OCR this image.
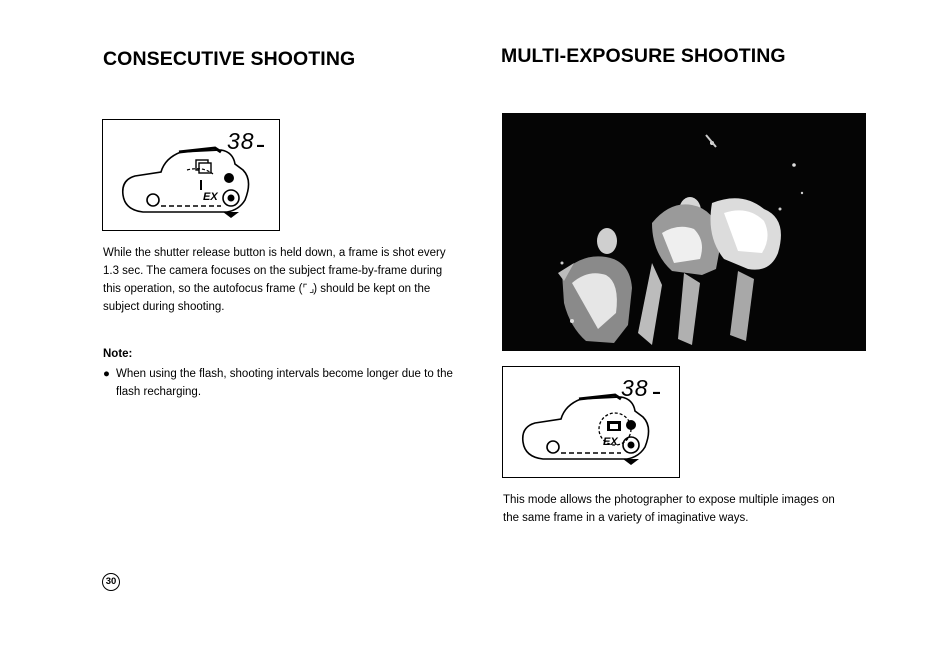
CONSECUTIVE SHOOTING	MULTI-EXPOSURE SHOOTING
38 ▬
EX

While the shutter release button is held down, a frame is shot every 1.3 sec. The camera focuses on the subject frame-by-frame during this operation, so the autofocus frame (⌜ ⌟) should be kept on the subject during shooting.

Note:

● When using the flash, shooting intervals become longer due to the flash recharging.	38 ▬
EX

This mode allows the photographer to expose multiple images on the same frame in a variety of imaginative ways.

30
